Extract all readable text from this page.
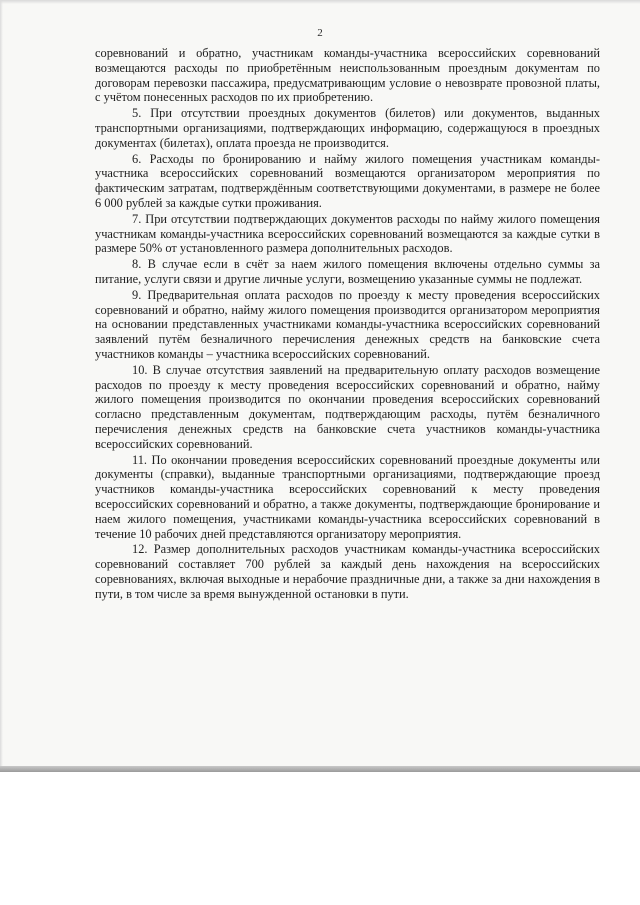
2

соревнований и обратно, участникам команды-участника всероссийских соревнований возмещаются расходы по приобретённым неиспользованным проездным документам по договорам перевозки пассажира, предусматривающим условие о невозврате провозной платы, с учётом понесенных расходов по их приобретению.

5. При отсутствии проездных документов (билетов) или документов, выданных транспортными организациями, подтверждающих информацию, содержащуюся в проездных документах (билетах), оплата проезда не производится.

6. Расходы по бронированию и найму жилого помещения участникам команды-участника всероссийских соревнований возмещаются организатором мероприятия по фактическим затратам, подтверждённым соответствующими документами, в размере не более 6 000 рублей за каждые сутки проживания.

7. При отсутствии подтверждающих документов расходы по найму жилого помещения участникам команды-участника всероссийских соревнований возмещаются за каждые сутки в размере 50% от установленного размера дополнительных расходов.

8. В случае если в счёт за наем жилого помещения включены отдельно суммы за питание, услуги связи и другие личные услуги, возмещению указанные суммы не подлежат.

9. Предварительная оплата расходов по проезду к месту проведения всероссийских соревнований и обратно, найму жилого помещения производится организатором мероприятия на основании представленных участниками команды-участника всероссийских соревнований заявлений путём безналичного перечисления денежных средств на банковские счета участников команды – участника всероссийских соревнований.

10. В случае отсутствия заявлений на предварительную оплату расходов возмещение расходов по проезду к месту проведения всероссийских соревнований и обратно, найму жилого помещения производится по окончании проведения всероссийских соревнований согласно представленным документам, подтверждающим расходы, путём безналичного перечисления денежных средств на банковские счета участников команды-участника всероссийских соревнований.

11. По окончании проведения всероссийских соревнований проездные документы или документы (справки), выданные транспортными организациями, подтверждающие проезд участников команды-участника всероссийских соревнований к месту проведения всероссийских соревнований и обратно, а также документы, подтверждающие бронирование и наем жилого помещения, участниками команды-участника всероссийских соревнований в течение 10 рабочих дней представляются организатору мероприятия.

12. Размер дополнительных расходов участникам команды-участника всероссийских соревнований составляет 700 рублей за каждый день нахождения на всероссийских соревнованиях, включая выходные и нерабочие праздничные дни, а также за дни нахождения в пути, в том числе за время вынужденной остановки в пути.
